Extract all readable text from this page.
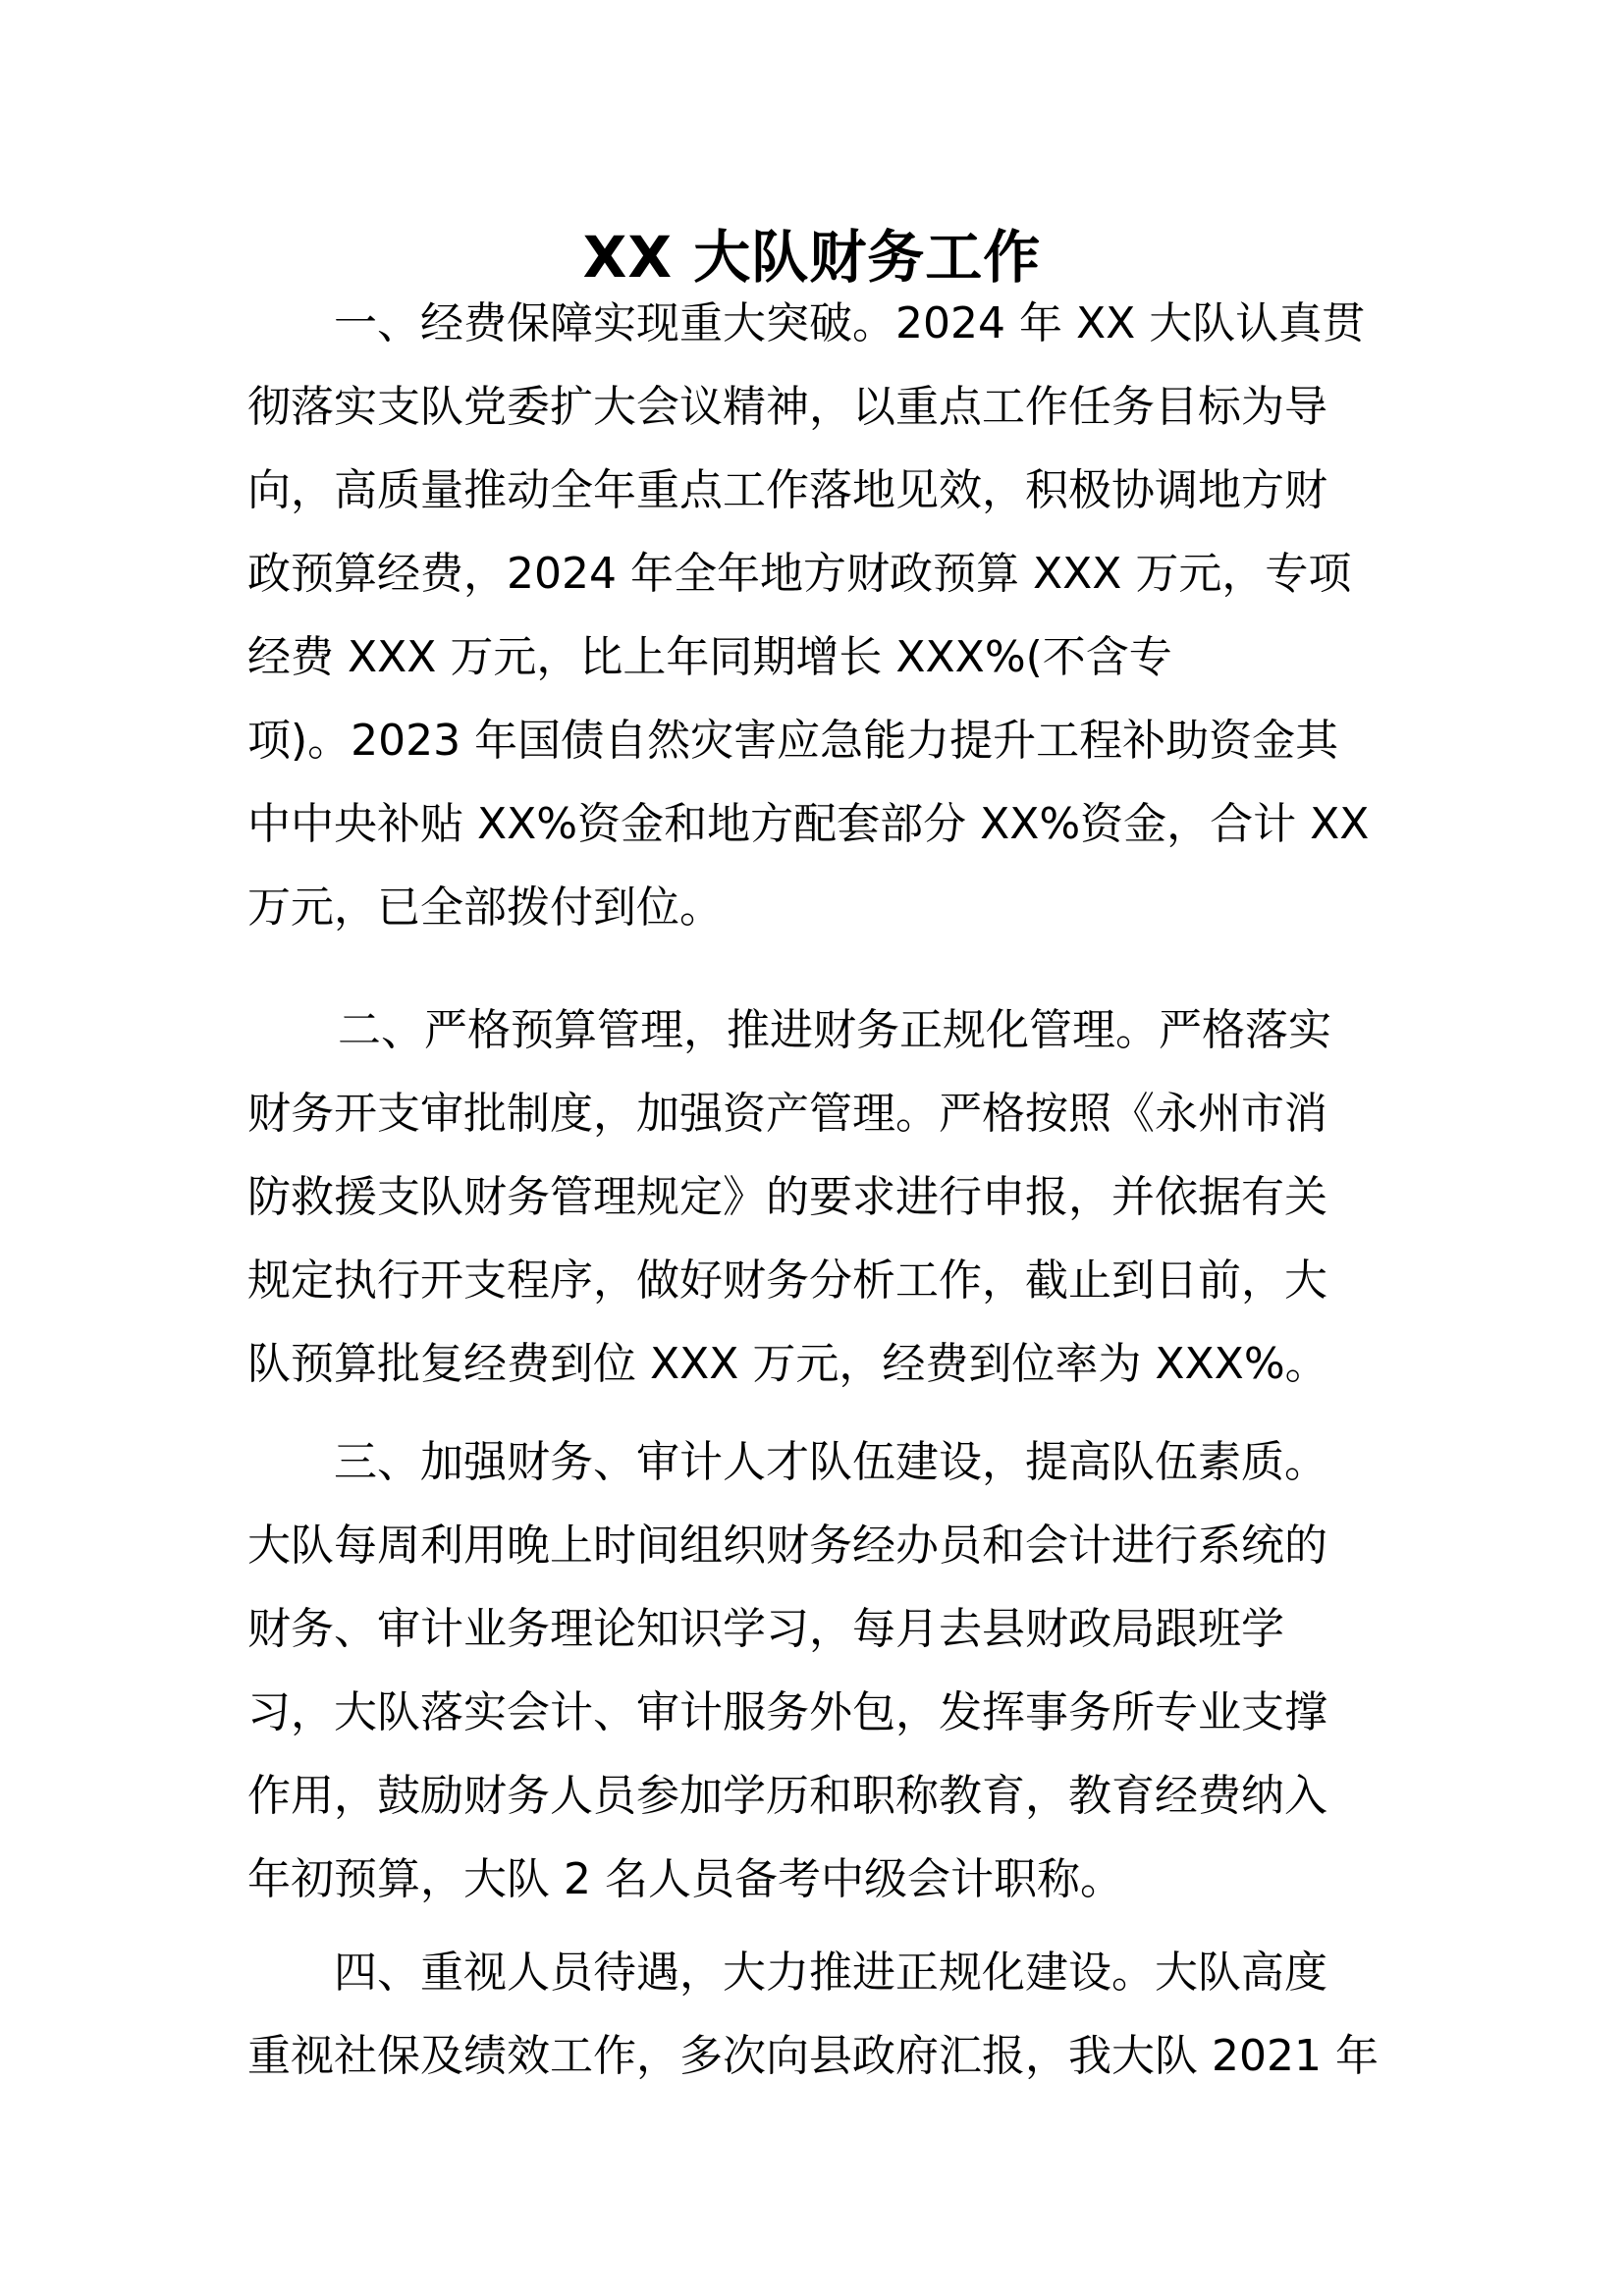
XX 大队财务工作
一、经费保障实现重大突破。2024 年 XX 大队认真贯
彻落实支队党委扩大会议精神，以重点工作任务目标为导
向，高质量推动全年重点工作落地见效，积极协调地方财
政预算经费，2024 年全年地方财政预算 XXX 万元，专项
经费 XXX 万元，比上年同期增长 XXX%(不含专
项)。2023 年国债自然灾害应急能力提升工程补助资金其
中中央补贴 XX%资金和地方配套部分 XX%资金，合计 XX
万元，已全部拨付到位。
二、严格预算管理，推进财务正规化管理。严格落实
财务开支审批制度，加强资产管理。严格按照《永州市消
防救援支队财务管理规定》的要求进行申报，并依据有关
规定执行开支程序，做好财务分析工作，截止到日前，大
队预算批复经费到位 XXX 万元，经费到位率为 XXX%。
三、加强财务、审计人才队伍建设，提高队伍素质。
大队每周利用晚上时间组织财务经办员和会计进行系统的
财务、审计业务理论知识学习，每月去县财政局跟班学
习，大队落实会计、审计服务外包，发挥事务所专业支撑
作用，鼓励财务人员参加学历和职称教育，教育经费纳入
年初预算，大队 2 名人员备考中级会计职称。
四、重视人员待遇，大力推进正规化建设。大队高度
重视社保及绩效工作，多次向县政府汇报，我大队 2021 年
